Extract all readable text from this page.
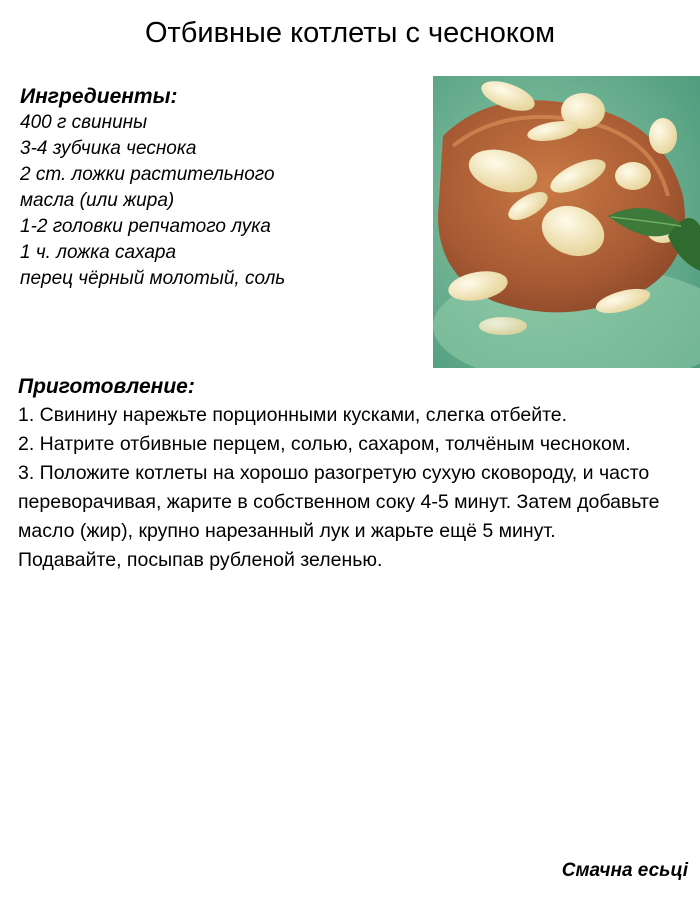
Отбивные котлеты с чесноком
Ингредиенты:
400 г свинины
3-4 зубчика чеснока
2 ст. ложки растительного
масла (или жира)
1-2 головки репчатого лука
1 ч. ложка сахара
перец чёрный молотый, соль
Приготовление:
1. Свинину нарежьте порционными кусками, слегка отбейте.
2. Натрите отбивные перцем, солью, сахаром, толчёным чесноком.
3. Положите котлеты на хорошо разогретую сухую сковороду, и часто переворачивая, жарите в собственном соку 4-5 минут. Затем добавьте масло (жир), крупно нарезанный лук и жарьте ещё 5 минут.
Подавайте, посыпав рубленой зеленью.
Смачна есьці
